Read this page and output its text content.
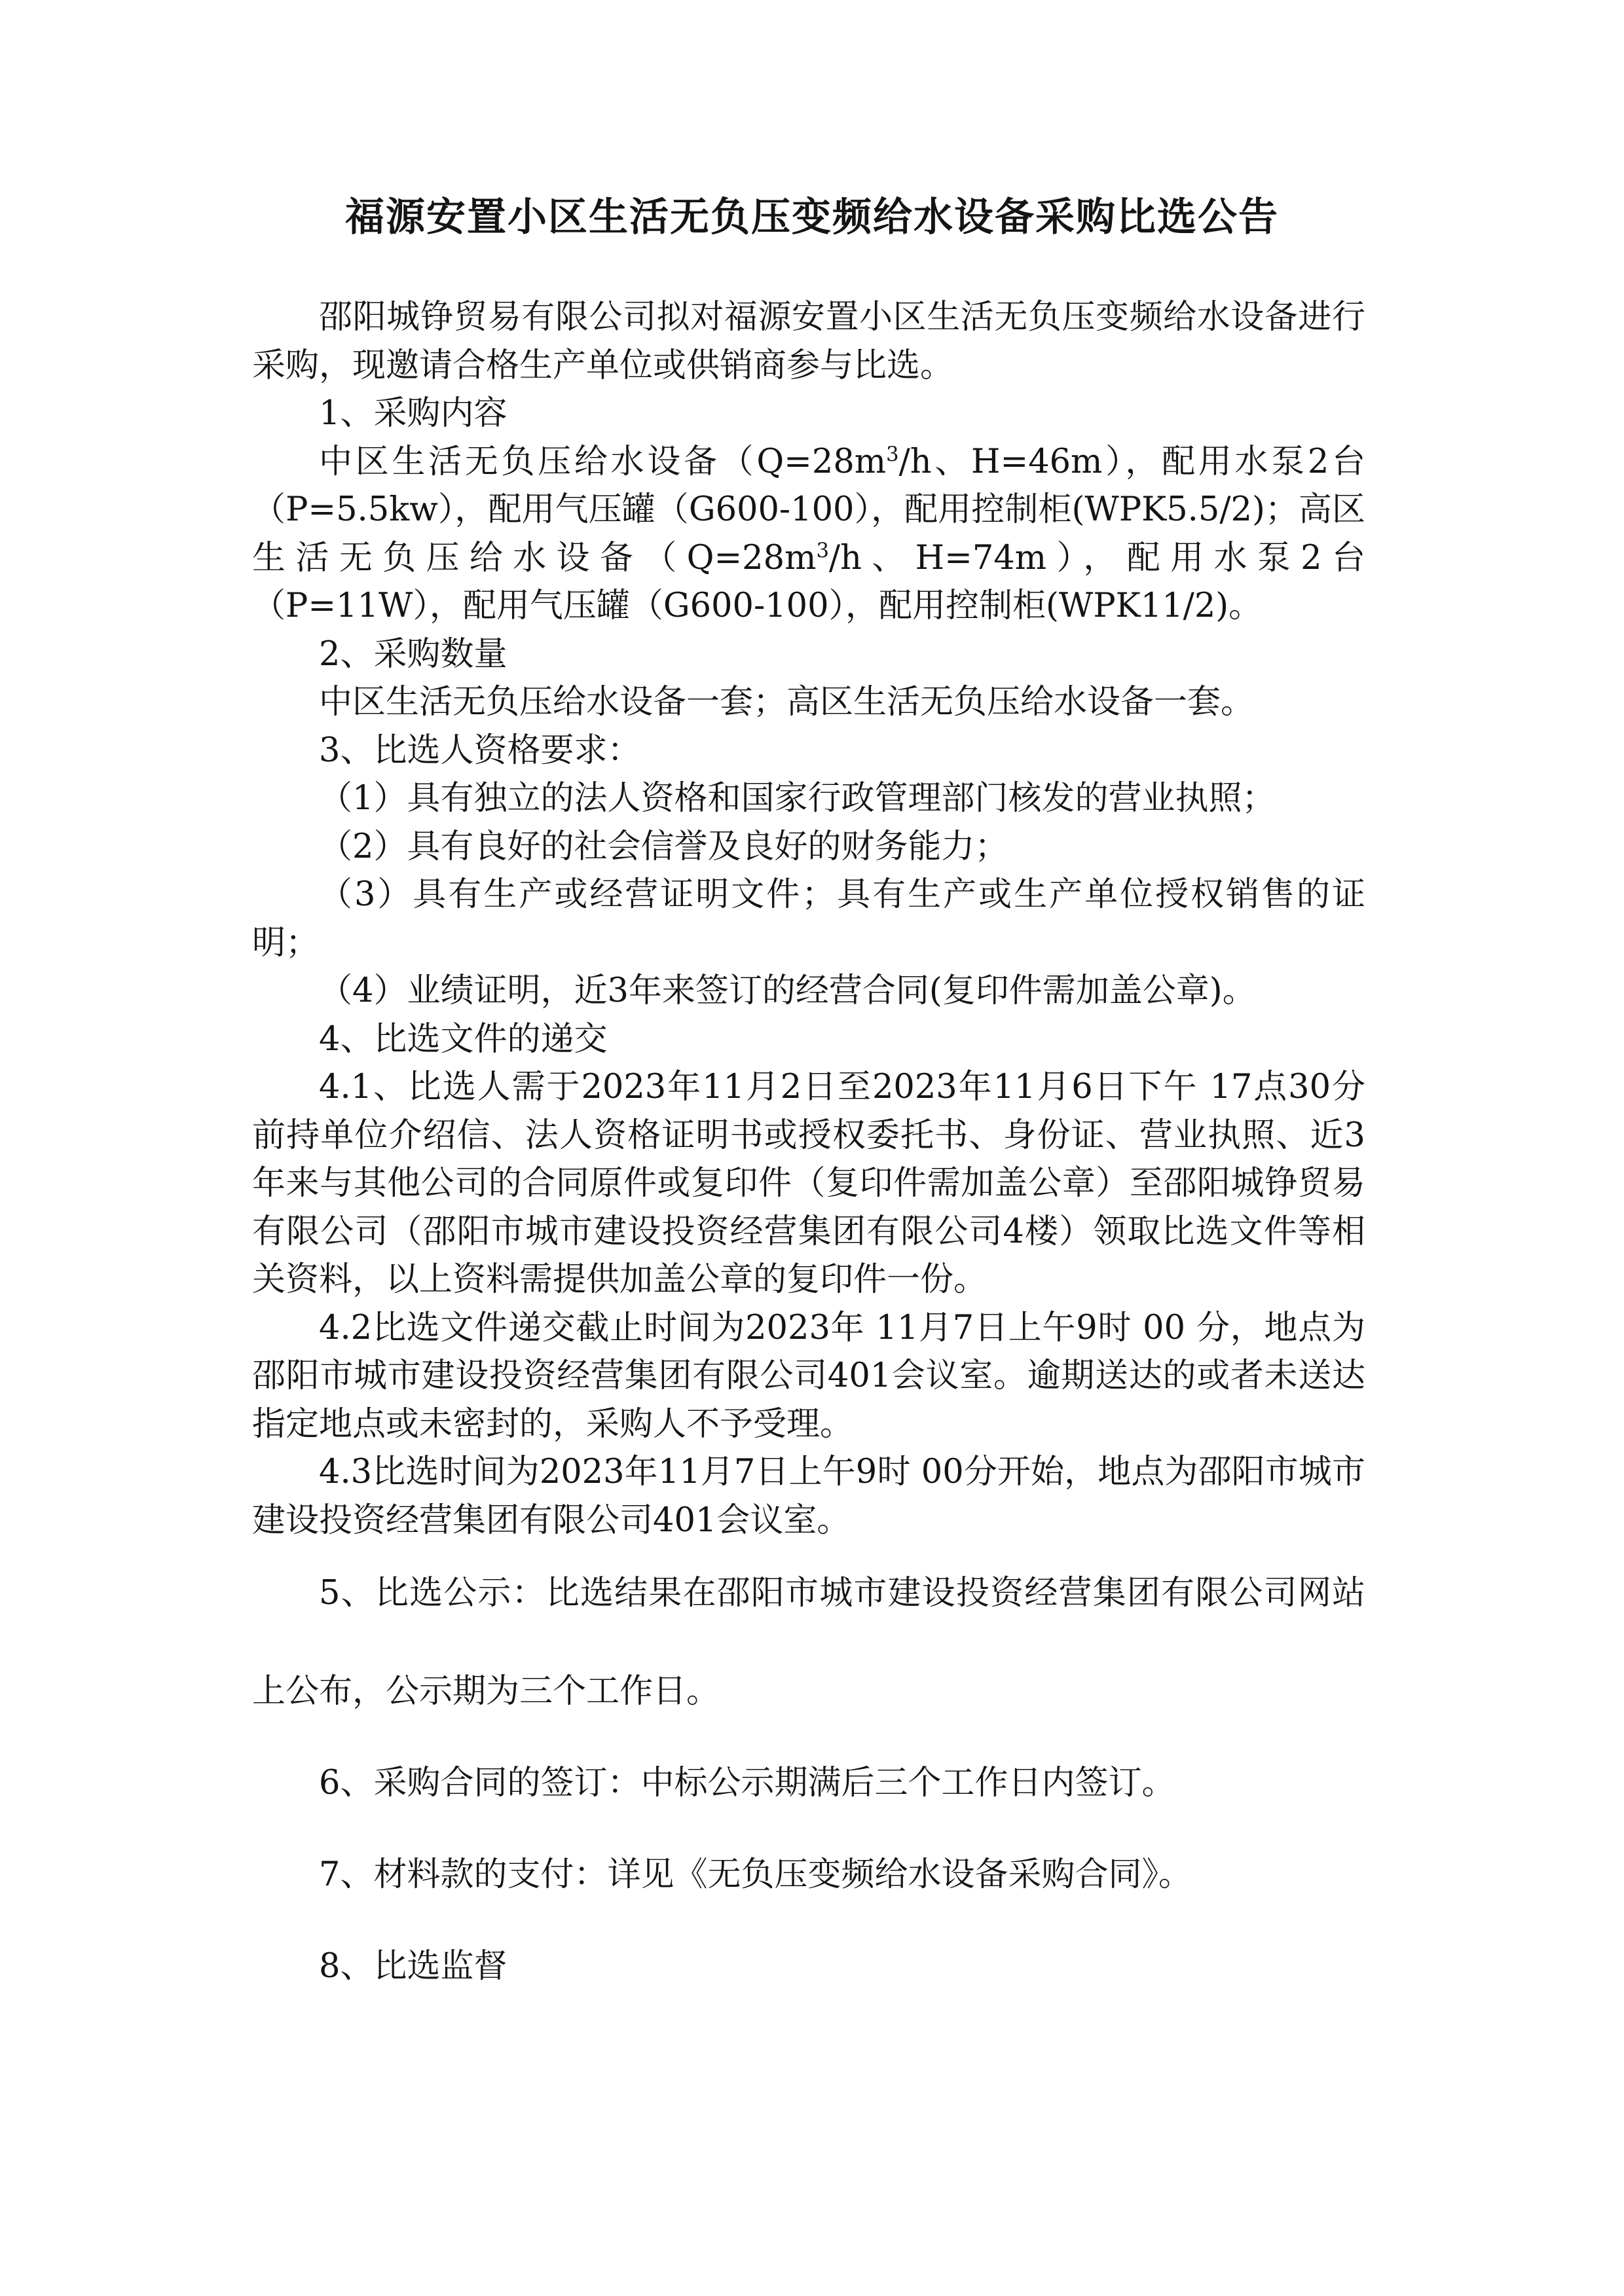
福源安置小区生活无负压变频给水设备采购比选公告

邵阳城铮贸易有限公司拟对福源安置小区生活无负压变频给水设备进行采购，现邀请合格生产单位或供销商参与比选。

1、采购内容

中区生活无负压给水设备（$Q=28m^3/h$、H=46m），配用水泵2台（P=5.5kw），配用气压罐（G600-100），配用控制柜(WPK5.5/2)；高区生活无负压给水设备（$Q=28m^3/h$、H=74m），配用水泵2台（P=11W），配用气压罐（G600-100），配用控制柜(WPK11/2)。

2、采购数量

中区生活无负压给水设备一套；高区生活无负压给水设备一套。

3、比选人资格要求：

（1）具有独立的法人资格和国家行政管理部门核发的营业执照；

（2）具有良好的社会信誉及良好的财务能力；

（3）具有生产或经营证明文件；具有生产或生产单位授权销售的证明；

（4）业绩证明，近3年来签订的经营合同(复印件需加盖公章)。

4、比选文件的递交

4.1、比选人需于2023年11月2日至2023年11月6日下午 17点30分前持单位介绍信、法人资格证明书或授权委托书、身份证、营业执照、近3年来与其他公司的合同原件或复印件（复印件需加盖公章）至邵阳城铮贸易有限公司（邵阳市城市建设投资经营集团有限公司4楼）领取比选文件等相关资料，以上资料需提供加盖公章的复印件一份。

4.2比选文件递交截止时间为2023年 11月7日上午9时 00 分，地点为邵阳市城市建设投资经营集团有限公司401会议室。逾期送达的或者未送达指定地点或未密封的，采购人不予受理。

4.3比选时间为2023年11月7日上午9时 00分开始，地点为邵阳市城市建设投资经营集团有限公司401会议室。

5、比选公示：比选结果在邵阳市城市建设投资经营集团有限公司网站上公布，公示期为三个工作日。

6、采购合同的签订：中标公示期满后三个工作日内签订。

7、材料款的支付：详见《无负压变频给水设备采购合同》。

8、比选监督
